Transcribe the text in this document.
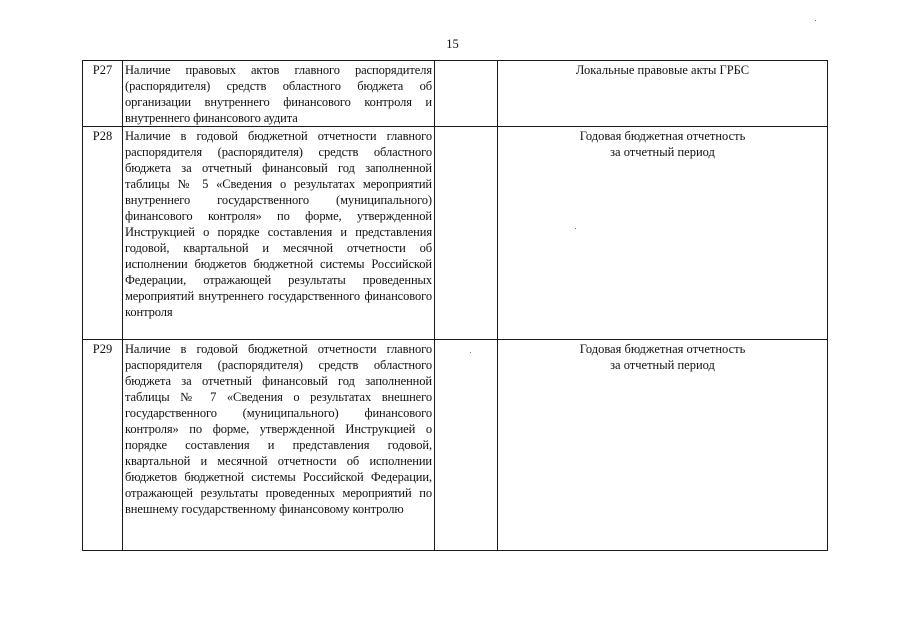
15
Р27	Наличие правовых актов главного распорядителя (распорядителя) средств областного бюджета об организации внутреннего финансового контроля и внутреннего финансового аудита		Локальные правовые акты ГРБС

Р28	Наличие в годовой бюджетной отчетности главного распорядителя (распорядителя) средств областного бюджета за отчетный финансовый год заполненной таблицы № 5 «Сведения о результатах мероприятий внутреннего государственного (муниципального) финансового контроля» по форме, утвержденной Инструкцией о порядке составления и представления годовой, квартальной и месячной отчетности об исполнении бюджетов бюджетной системы Российской Федерации, отражающей результаты проведенных мероприятий внутреннего государственного финансового контроля		Годовая бюджетная отчетность
за отчетный период

Р29	Наличие в годовой бюджетной отчетности главного распорядителя (распорядителя) средств областного бюджета за отчетный финансовый год заполненной таблицы № 7 «Сведения о результатах внешнего государственного (муниципального) финансового контроля» по форме, утвержденной Инструкцией о порядке составления и представления годовой, квартальной и месячной отчетности об исполнении бюджетов бюджетной системы Российской Федерации, отражающей результаты проведенных мероприятий по внешнему государственному финансовому контролю		Годовая бюджетная отчетность
за отчетный период
